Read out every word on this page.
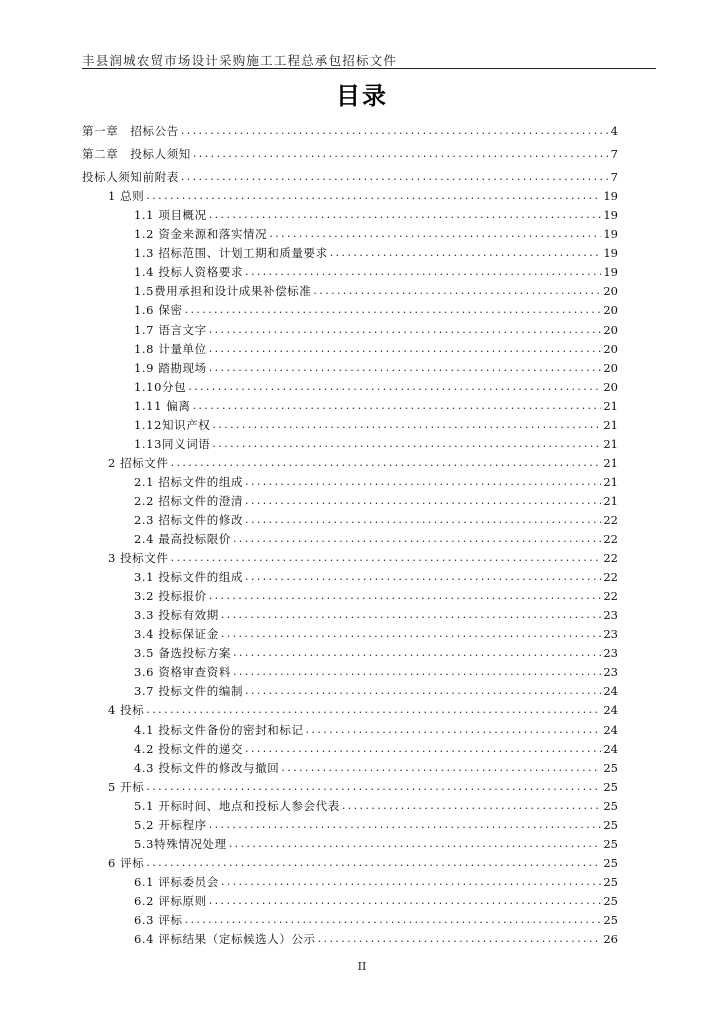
丰县润城农贸市场设计采购施工工程总承包招标文件
目录
第一章　招标公告 .....	4
第二章　投标人须知 .....	7
投标人须知前附表 .....	7
1 总则 .....	19
1.1 项目概况 .....	19
1.2 资金来源和落实情况 .....	19
1.3 招标范围、计划工期和质量要求 .....	19
1.4 投标人资格要求 .....	19
1.5费用承担和设计成果补偿标准 .....	20
1.6 保密 .....	20
1.7 语言文字 .....	20
1.8 计量单位 .....	20
1.9 踏勘现场 .....	20
1.10分包 .....	20
1.11 偏离 .....	21
1.12知识产权 .....	21
1.13同义词语 .....	21
2 招标文件 .....	21
2.1 招标文件的组成 .....	21
2.2 招标文件的澄清 .....	21
2.3 招标文件的修改 .....	22
2.4 最高投标限价 .....	22
3 投标文件 .....	22
3.1 投标文件的组成 .....	22
3.2 投标报价 .....	22
3.3 投标有效期 .....	23
3.4 投标保证金 .....	23
3.5 备选投标方案 .....	23
3.6 资格审查资料 .....	23
3.7 投标文件的编制 .....	24
4 投标 .....	24
4.1 投标文件备份的密封和标记 .....	24
4.2 投标文件的递交 .....	24
4.3 投标文件的修改与撤回 .....	25
5 开标 .....	25
5.1 开标时间、地点和投标人参会代表 .....	25
5.2 开标程序 .....	25
5.3特殊情况处理 .....	25
6 评标 .....	25
6.1 评标委员会 .....	25
6.2 评标原则 .....	25
6.3 评标 .....	25
6.4 评标结果（定标候选人）公示 .....	26
II
